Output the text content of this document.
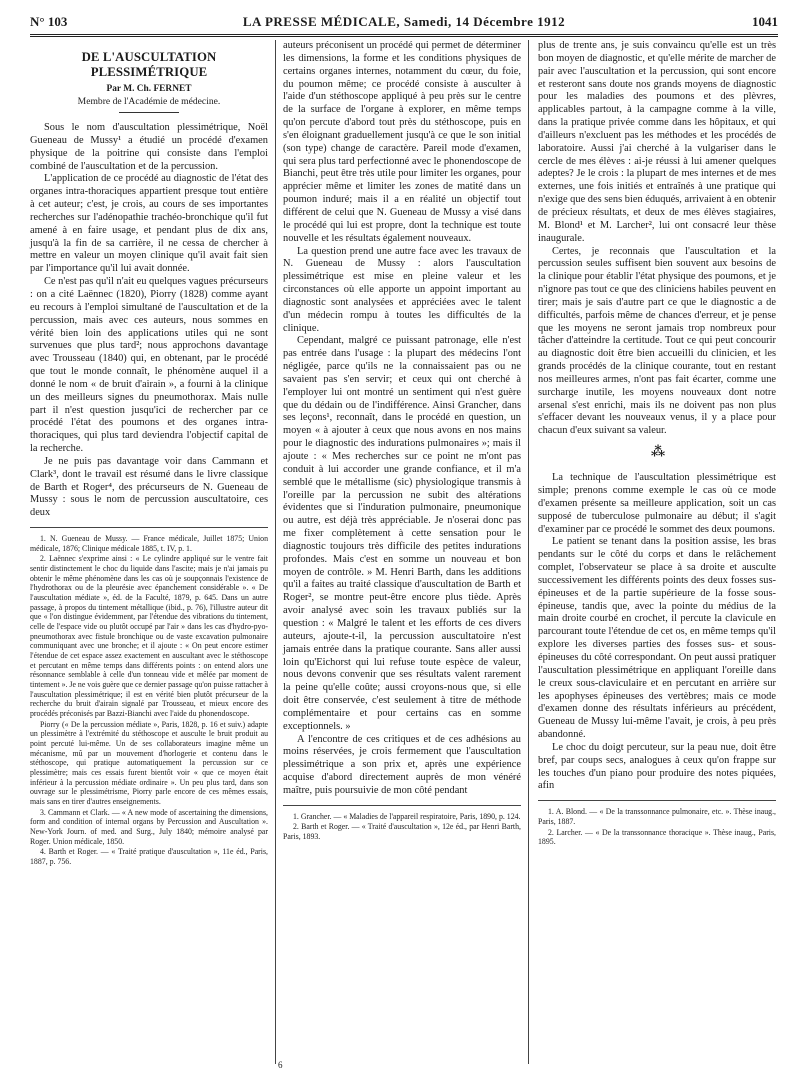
N° 103	LA PRESSE MÉDICALE, Samedi, 14 Décembre 1912	1041
DE L'AUSCULTATION PLESSIMÉTRIQUE
Par M. Ch. FERNET
Membre de l'Académie de médecine.

Sous le nom d'auscultation plessimétrique, Noël Gueneau de Mussy¹ a étudié un procédé d'examen physique de la poitrine qui consiste dans l'emploi combiné de l'auscultation et de la percussion.

L'application de ce procédé au diagnostic de l'état des organes intra-thoraciques appartient presque tout entière à cet auteur; c'est, je crois, au cours de ses importantes recherches sur l'adénopathie trachéo-bronchique qu'il fut amené à en faire usage, et pendant plus de dix ans, jusqu'à la fin de sa carrière, il ne cessa de chercher à mettre en valeur un moyen clinique qu'il avait fait sien par l'importance qu'il lui avait donnée.

Ce n'est pas qu'il n'ait eu quelques vagues précurseurs : on a cité Laënnec (1820), Piorry (1828) comme ayant eu recours à l'emploi simultané de l'auscultation et de la percussion, mais avec ces auteurs, nous sommes en vérité bien loin des applications utiles qui ne sont survenues que plus tard²; nous approchons davantage avec Trousseau (1840) qui, en obtenant, par le procédé que tout le monde connaît, le phénomène auquel il a donné le nom « de bruit d'airain », a fourni à la clinique un des meilleurs signes du pneumothorax. Mais nulle part il n'est question jusqu'ici de rechercher par ce procédé l'état des poumons et des organes intra-thoraciques, qui plus tard deviendra l'objectif capital de la recherche.

Je ne puis pas davantage voir dans Cammann et Clark³, dont le travail est résumé dans le livre classique de Barth et Roger⁴, des précurseurs de N. Gueneau de Mussy : sous le nom de percussion auscultatoire, ces deux

1. N. Gueneau de Mussy. — France médicale, Juillet 1875; Union médicale, 1876; Clinique médicale 1885, t. IV, p. 1.

2. Laënnec s'exprime ainsi : « Le cylindre appliqué sur le ventre fait sentir distinctement le choc du liquide dans l'ascite; mais je n'ai jamais pu obtenir le même phénomène dans les cas où je soupçonnais l'existence de l'hydrothorax ou de la pleurésie avec épanchement considérable ». « De l'auscultation médiate », éd. de la Faculté, 1879, p. 645. Dans un autre passage, à propos du tintement métallique (ibid., p. 76), l'illustre auteur dit que « l'on distingue évidemment, par l'étendue des vibrations du tintement, celle de l'espace vide ou plutôt occupé par l'air » dans les cas d'hydro-pyo-pneumothorax avec fistule bronchique ou de vaste excavation pulmonaire communiquant avec une bronche; et il ajoute : « On peut encore estimer l'étendue de cet espace assez exactement en auscultant avec le stéthoscope et percutant en même temps dans différents points : on entend alors une résonnance semblable à celle d'un tonneau vide et mêlée par moment de tintement ». Je ne vois guère que ce dernier passage qu'on puisse rattacher à l'auscultation plessimétrique; il est en vérité bien plutôt précurseur de la recherche du bruit d'airain signalé par Trousseau, et mieux encore des procédés préconisés par Bazzi-Bianchi avec l'aide du phonendoscope.

Piorry (« De la percussion médiate », Paris, 1828, p. 16 et suiv.) adapte un plessimètre à l'extrémité du stéthoscope et ausculte le bruit produit au point percuté lui-même. Un de ses collaborateurs imagine même un mécanisme, mû par un mouvement d'horlogerie et contenu dans le stéthoscope, qui pratique automatiquement la percussion sur ce plessimètre; mais ces essais furent bientôt voir « que ce moyen était inférieur à la percussion médiate ordinaire ». Un peu plus tard, dans son ouvrage sur le plessimétrisme, Piorry parle encore de ces mêmes essais, mais sans en tirer d'autres enseignements.

3. Cammann et Clark. — « A new mode of ascertaining the dimensions, form and condition of internal organs by Percussion and Auscultation ». New-York Journ. of med. and Surg., July 1840; mémoire analysé par Roger. Union médicale, 1850.

4. Barth et Roger. — « Traité pratique d'auscultation », 11e éd., Paris, 1887, p. 756.

auteurs préconisent un procédé qui permet de déterminer les dimensions, la forme et les conditions physiques de certains organes internes, notamment du cœur, du foie, du poumon même; ce procédé consiste à ausculter à l'aide d'un stéthoscope appliqué à peu près sur le centre de la surface de l'organe à explorer, en même temps qu'on percute d'abord tout près du stéthoscope, puis en s'en éloignant graduellement jusqu'à ce que le son initial (son type) change de caractère. Pareil mode d'examen, qui sera plus tard perfectionné avec le phonendoscope de Bianchi, peut être très utile pour limiter les organes, pour apprécier même et limiter les zones de matité dans un poumon induré; mais il a en réalité un objectif tout différent de celui que N. Gueneau de Mussy a visé dans le procédé qui lui est propre, dont la technique est toute nouvelle et les résultats également nouveaux.

La question prend une autre face avec les travaux de N. Gueneau de Mussy : alors l'auscultation plessimétrique est mise en pleine valeur et les circonstances où elle apporte un appoint important au diagnostic sont analysées et appréciées avec le talent d'un médecin rompu à toutes les difficultés de la clinique.

Cependant, malgré ce puissant patronage, elle n'est pas entrée dans l'usage : la plupart des médecins l'ont négligée, parce qu'ils ne la connaissaient pas ou ne savaient pas s'en servir; et ceux qui ont cherché à l'employer lui ont montré un sentiment qui n'est guère que du dédain ou de l'indifférence. Ainsi Grancher, dans ses leçons¹, reconnaît, dans le procédé en question, un moyen « à ajouter à ceux que nous avons en nos mains pour le diagnostic des indurations pulmonaires »; mais il ajoute : « Mes recherches sur ce point ne m'ont pas conduit à lui accorder une grande confiance, et il m'a semblé que le métallisme (sic) physiologique transmis à l'oreille par la percussion ne subit des altérations évidentes que si l'induration pulmonaire, pneumonique ou autre, est déjà très appréciable. Je n'oserai donc pas me fixer complètement à cette sensation pour le diagnostic toujours très difficile des petites indurations profondes. Mais c'est en somme un nouveau et bon moyen de contrôle. » M. Henri Barth, dans les additions qu'il a faites au traité classique d'auscultation de Barth et Roger², se montre peut-être encore plus tiède. Après avoir analysé avec soin les travaux publiés sur la question : « Malgré le talent et les efforts de ces divers auteurs, ajoute-t-il, la percussion auscultatoire n'est jamais entrée dans la pratique courante. Sans aller aussi loin qu'Eichorst qui lui refuse toute espèce de valeur, nous devons convenir que ses résultats valent rarement la peine qu'elle coûte; aussi croyons-nous que, si elle doit être conservée, c'est seulement à titre de méthode complémentaire et pour certains cas en somme exceptionnels. »

A l'encontre de ces critiques et de ces adhésions au moins réservées, je crois fermement que l'auscultation plessimétrique a son prix et, après une expérience acquise d'abord directement auprès de mon vénéré maître, puis poursuivie de mon côté pendant

1. Grancher. — « Maladies de l'appareil respiratoire, Paris, 1890, p. 124.

2. Barth et Roger. — « Traité d'auscultation », 12e éd., par Henri Barth, Paris, 1893.

plus de trente ans, je suis convaincu qu'elle est un très bon moyen de diagnostic, et qu'elle mérite de marcher de pair avec l'auscultation et la percussion, qui sont encore et resteront sans doute nos grands moyens de diagnostic pour les maladies des poumons et des plèvres, applicables partout, à la campagne comme à la ville, dans la pratique privée comme dans les hôpitaux, et qui d'ailleurs n'excluent pas les méthodes et les procédés de laboratoire. Aussi j'ai cherché à la vulgariser dans le cercle de mes élèves : ai-je réussi à lui amener quelques adeptes? Je le crois : la plupart de mes internes et de mes externes, une fois initiés et entraînés à une pratique qui n'exige que des sens bien éduqués, arrivaient à en obtenir de précieux résultats, et deux de mes élèves stagiaires, M. Blond¹ et M. Larcher², lui ont consacré leur thèse inaugurale.

Certes, je reconnais que l'auscultation et la percussion seules suffisent bien souvent aux besoins de la clinique pour établir l'état physique des poumons, et je n'ignore pas tout ce que des cliniciens habiles peuvent en tirer; mais je sais d'autre part ce que le diagnostic a de difficultés, parfois même de chances d'erreur, et je pense que les moyens ne seront jamais trop nombreux pour tâcher d'atteindre la certitude. Tout ce qui peut concourir au diagnostic doit être bien accueilli du clinicien, et les grands procédés de la clinique courante, tout en restant nos meilleures armes, n'ont pas fait écarter, comme une surcharge inutile, les moyens nouveaux dont notre arsenal s'est enrichi, mais ils ne doivent pas non plus s'effacer devant les nouveaux venus, il y a place pour chacun d'eux suivant sa valeur.

⁂

La technique de l'auscultation plessimétrique est simple; prenons comme exemple le cas où ce mode d'examen présente sa meilleure application, soit un cas supposé de tuberculose pulmonaire au début; il s'agit d'examiner par ce procédé le sommet des deux poumons.

Le patient se tenant dans la position assise, les bras pendants sur le côté du corps et dans le relâchement complet, l'observateur se place à sa droite et ausculte successivement les différents points des deux fosses sus-épineuses et de la partie supérieure de la fosse sous-épineuse, tandis que, avec la pointe du médius de la main droite courbé en crochet, il percute la clavicule en parcourant toute l'étendue de cet os, en même temps qu'il explore les diverses parties des fosses sus- et sous-épineuses du côté correspondant. On peut aussi pratiquer l'auscultation plessimétrique en appliquant l'oreille dans le creux sous-claviculaire et en percutant en arrière sur les apophyses épineuses des vertèbres; mais ce mode d'examen donne des résultats inférieurs au précédent, Gueneau de Mussy lui-même l'avait, je crois, à peu près abandonné.

Le choc du doigt percuteur, sur la peau nue, doit être bref, par coups secs, analogues à ceux qu'on frappe sur les touches d'un piano pour produire des notes piquées, afin

1. A. Blond. — « De la transsonnance pulmonaire, etc. ». Thèse inaug., Paris, 1887.

2. Larcher. — « De la transsonnance thoracique ». Thèse inaug., Paris, 1895.

6
